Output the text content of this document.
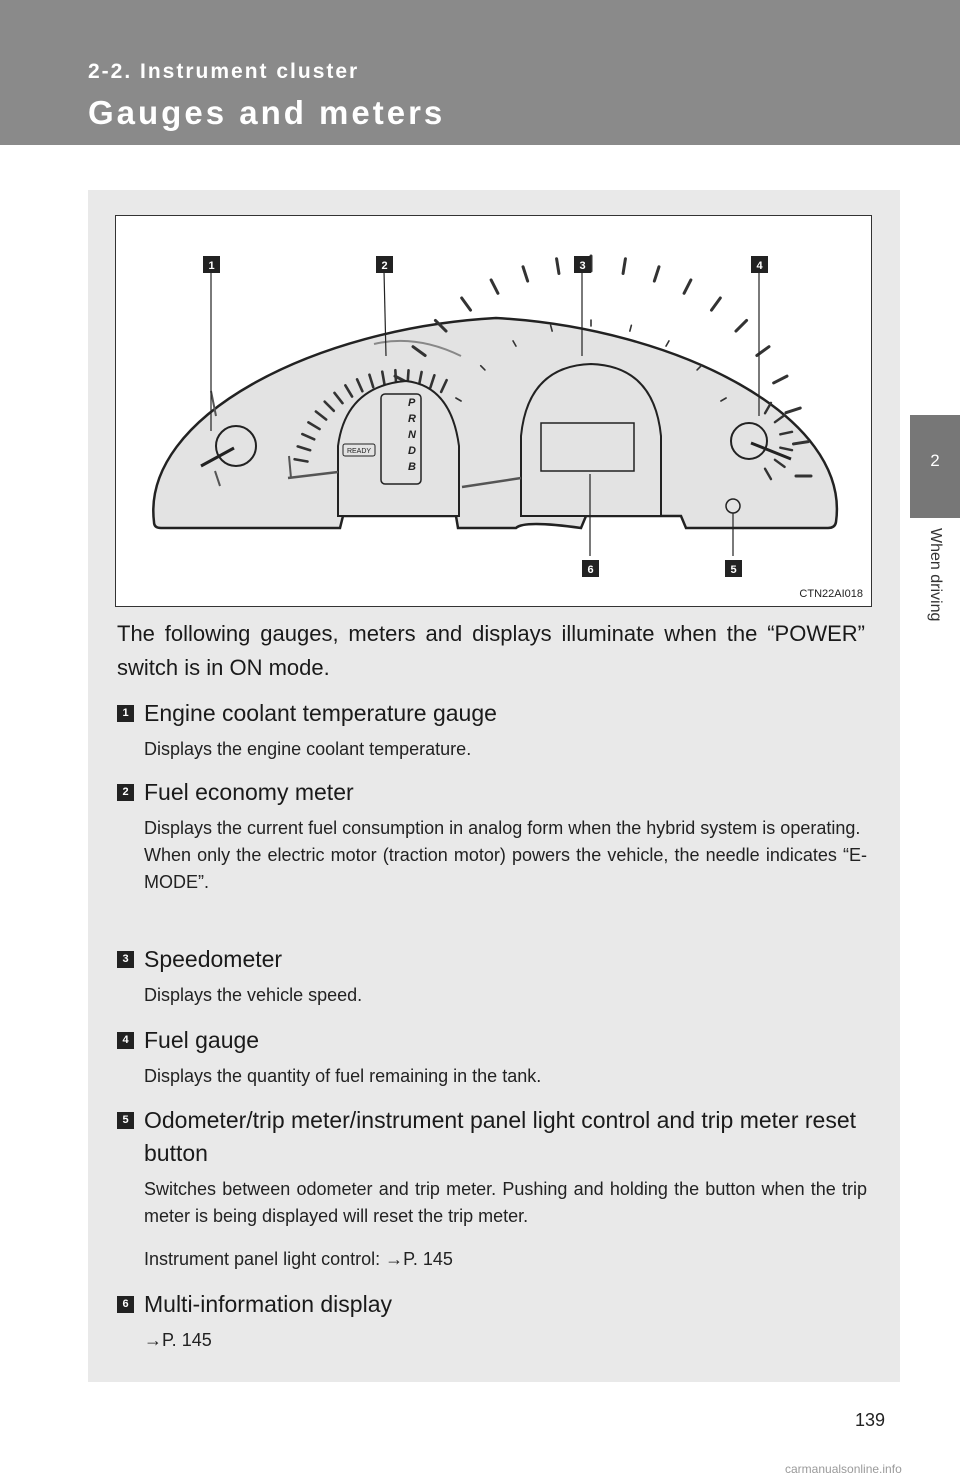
2-2. Instrument cluster
Gauges and meters
2
When driving
P R N D B
READY
1	2	3	4
6	5
CTN22AI018
The following gauges, meters and displays illuminate when the “POWER” switch is in ON mode.
1 Engine coolant temperature gauge

Displays the engine coolant temperature.

2 Fuel economy meter

Displays the current fuel consumption in analog form when the hybrid system is operating.

When only the electric motor (traction motor) powers the vehicle, the needle indicates “E-MODE”.

3 Speedometer

Displays the vehicle speed.

4 Fuel gauge

Displays the quantity of fuel remaining in the tank.

5 Odometer/trip meter/instrument panel light control and trip meter reset button

Switches between odometer and trip meter. Pushing and holding the button when the trip meter is being displayed will reset the trip meter.

Instrument panel light control: →P. 145

6 Multi-information display

→P. 145

139
carmanualsonline.info
